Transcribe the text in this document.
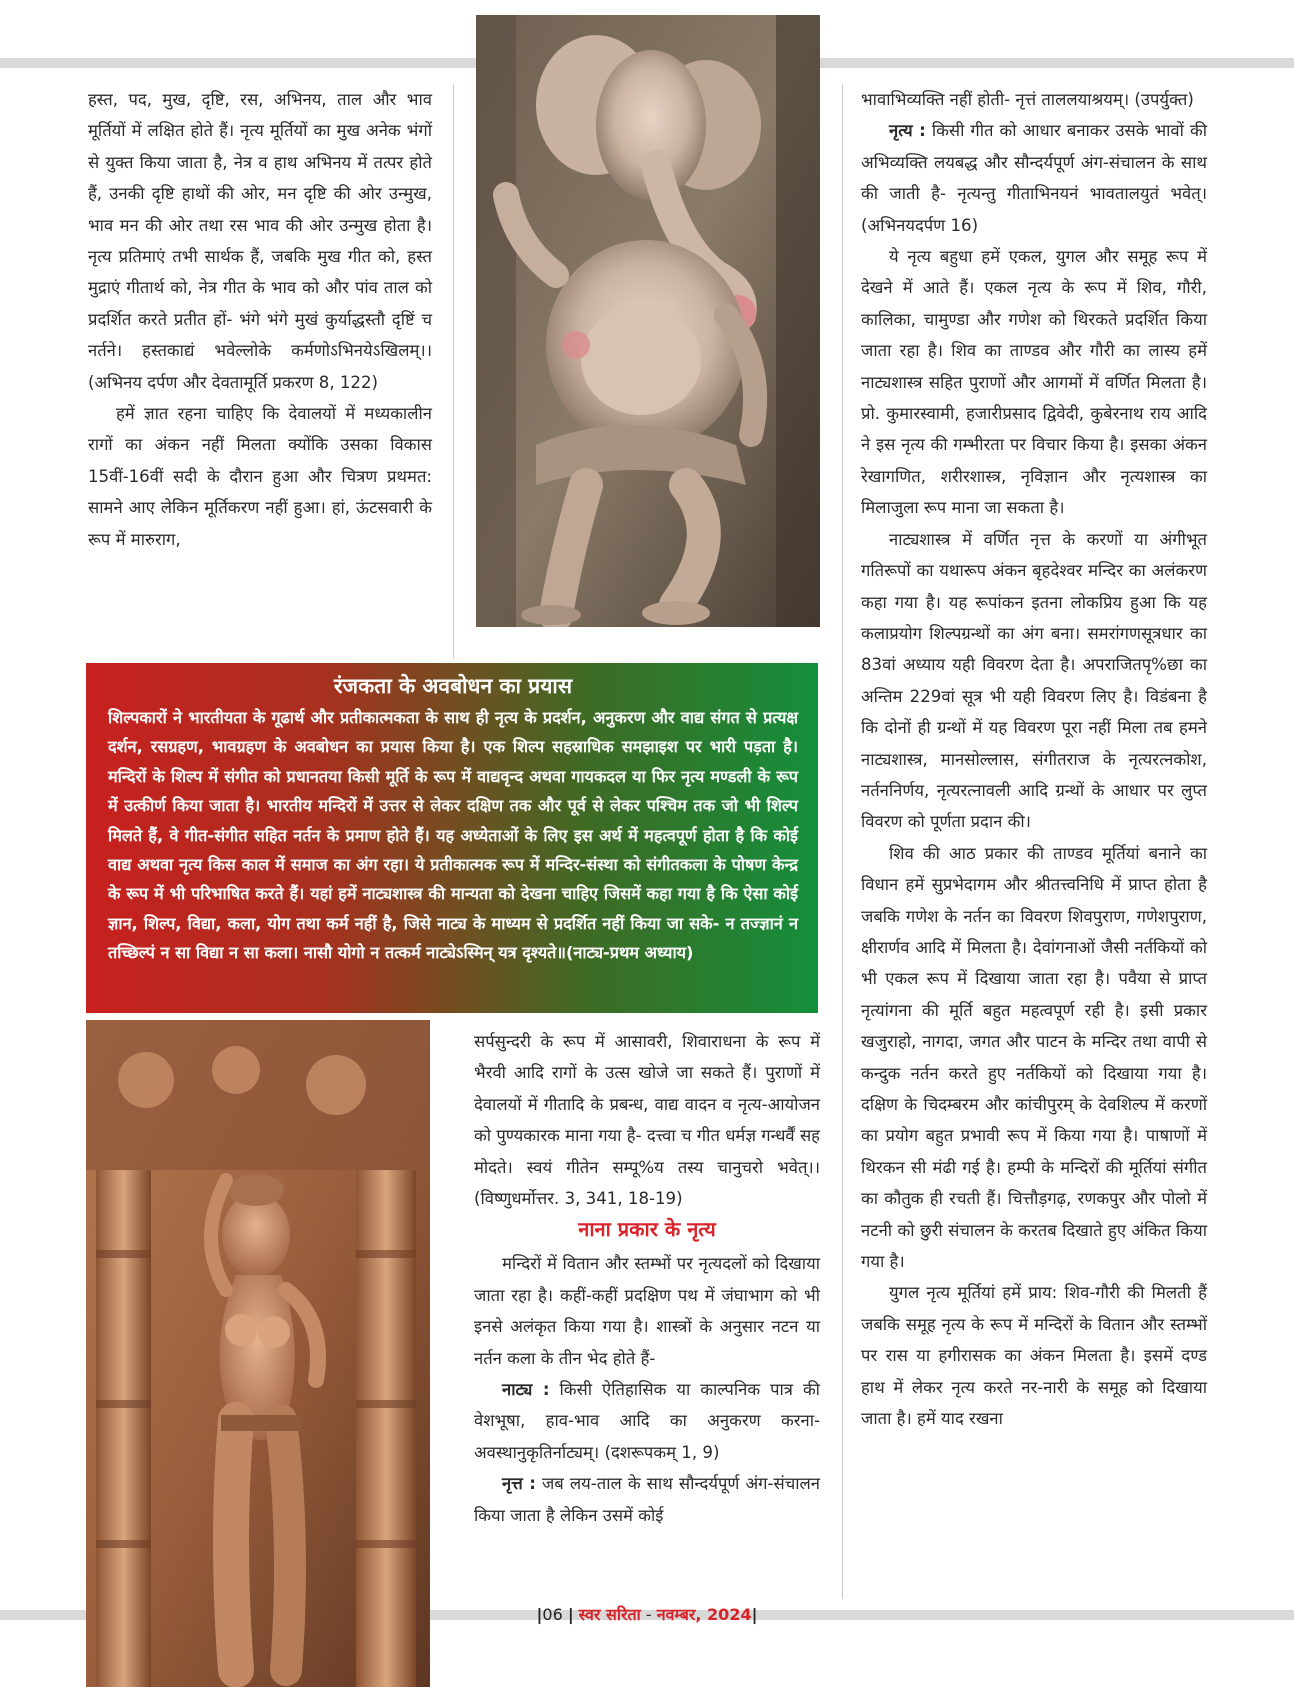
हस्त, पद, मुख, दृष्टि, रस, अभिनय, ताल और भाव मूर्तियों में लक्षित होते हैं। नृत्य मूर्तियों का मुख अनेक भंगों से युक्त किया जाता है, नेत्र व हाथ अभिनय में तत्पर होते हैं, उनकी दृष्टि हाथों की ओर, मन दृष्टि की ओर उन्मुख, भाव मन की ओर तथा रस भाव की ओर उन्मुख होता है। नृत्य प्रतिमाएं तभी सार्थक हैं, जबकि मुख गीत को, हस्त मुद्राएं गीतार्थ को, नेत्र गीत के भाव को और पांव ताल को प्रदर्शित करते प्रतीत हों- भंगे भंगे मुखं कुर्याद्धस्तौ दृष्टिं च नर्तने। हस्तकाद्यं भवेल्लोके कर्मणोऽभिनयेऽखिलम्।। (अभिनय दर्पण और देवतामूर्ति प्रकरण 8, 122)

हमें ज्ञात रहना चाहिए कि देवालयों में मध्यकालीन रागों का अंकन नहीं मिलता क्योंकि उसका विकास 15वीं-16वीं सदी के दौरान हुआ और चित्रण प्रथमत: सामने आए लेकिन मूर्तिकरण नहीं हुआ। हां, ऊंटसवारी के रूप में मारुराग,

रंजकता के अवबोधन का प्रयास

शिल्पकारों ने भारतीयता के गूढार्थ और प्रतीकात्मकता के साथ ही नृत्य के प्रदर्शन, अनुकरण और वाद्य संगत से प्रत्यक्ष दर्शन, रसग्रहण, भावग्रहण के अवबोधन का प्रयास किया है। एक शिल्प सहस्राधिक समझाइश पर भारी पड़ता है। मन्दिरों के शिल्प में संगीत को प्रधानतया किसी मूर्ति के रूप में वाद्यवृन्द अथवा गायकदल या फिर नृत्य मण्डली के रूप में उत्कीर्ण किया जाता है। भारतीय मन्दिरों में उत्तर से लेकर दक्षिण तक और पूर्व से लेकर पश्चिम तक जो भी शिल्प मिलते हैं, वे गीत-संगीत सहित नर्तन के प्रमाण होते हैं। यह अध्येताओं के लिए इस अर्थ में महत्वपूर्ण होता है कि कोई वाद्य अथवा नृत्य किस काल में समाज का अंग रहा। ये प्रतीकात्मक रूप में मन्दिर-संस्था को संगीतकला के पोषण केन्द्र के रूप में भी परिभाषित करते हैं। यहां हमें नाट्यशास्त्र की मान्यता को देखना चाहिए जिसमें कहा गया है कि ऐसा कोई ज्ञान, शिल्प, विद्या, कला, योग तथा कर्म नहीं है, जिसे नाट्य के माध्यम से प्रदर्शित नहीं किया जा सके- न तज्ज्ञानं न तच्छिल्पं न सा विद्या न सा कला। नासौ योगो न तत्कर्म नाट्येऽस्मिन् यत्र दृश्यते॥(नाट्य-प्रथम अध्याय)

सर्पसुन्दरी के रूप में आसावरी, शिवाराधना के रूप में भैरवी आदि रागों के उत्स खोजे जा सकते हैं। पुराणों में देवालयों में गीतादि के प्रबन्ध, वाद्य वादन व नृत्य-आयोजन को पुण्यकारक माना गया है- दत्त्वा च गीत धर्मज्ञ गन्धर्वैं सह मोदते। स्वयं गीतेन सम्पू%य तस्य चानुचरो भवेत्।। (विष्णुधर्मोत्तर. 3, 341, 18-19)

नाना प्रकार के नृत्य

मन्दिरों में वितान और स्तम्भों पर नृत्यदलों को दिखाया जाता रहा है। कहीं-कहीं प्रदक्षिण पथ में जंघाभाग को भी इनसे अलंकृत किया गया है। शास्त्रों के अनुसार नटन या नर्तन कला के तीन भेद होते हैं-

नाट्य : किसी ऐतिहासिक या काल्पनिक पात्र की वेशभूषा, हाव-भाव आदि का अनुकरण करना- अवस्थानुकृतिर्नाट्यम्। (दशरूपकम् 1, 9)

नृत्त : जब लय-ताल के साथ सौन्दर्यपूर्ण अंग-संचालन किया जाता है लेकिन उसमें कोई

भावाभिव्यक्ति नहीं होती- नृत्तं ताललयाश्रयम्। (उपर्युक्त)

नृत्य : किसी गीत को आधार बनाकर उसके भावों की अभिव्यक्ति लयबद्ध और सौन्दर्यपूर्ण अंग-संचालन के साथ की जाती है- नृत्यन्तु गीताभिनयनं भावतालयुतं भवेत्। (अभिनयदर्पण 16)

ये नृत्य बहुधा हमें एकल, युगल और समूह रूप में देखने में आते हैं। एकल नृत्य के रूप में शिव, गौरी, कालिका, चामुण्डा और गणेश को थिरकते प्रदर्शित किया जाता रहा है। शिव का ताण्डव और गौरी का लास्य हमें नाट्यशास्त्र सहित पुराणों और आगमों में वर्णित मिलता है। प्रो. कुमारस्वामी, हजारीप्रसाद द्विवेदी, कुबेरनाथ राय आदि ने इस नृत्य की गम्भीरता पर विचार किया है। इसका अंकन रेखागणित, शरीरशास्त्र, नृविज्ञान और नृत्यशास्त्र का मिलाजुला रूप माना जा सकता है।

नाट्यशास्त्र में वर्णित नृत्त के करणों या अंगीभूत गतिरूपों का यथारूप अंकन बृहदेश्वर मन्दिर का अलंकरण कहा गया है। यह रूपांकन इतना लोकप्रिय हुआ कि यह कलाप्रयोग शिल्पग्रन्थों का अंग बना। समरांगणसूत्रधार का 83वां अध्याय यही विवरण देता है। अपराजितपृ%छा का अन्तिम 229वां सूत्र भी यही विवरण लिए है। विडंबना है कि दोनों ही ग्रन्थों में यह विवरण पूरा नहीं मिला तब हमने नाट्यशास्त्र, मानसोल्लास, संगीतराज के नृत्यरत्नकोश, नर्तननिर्णय, नृत्यरत्नावली आदि ग्रन्थों के आधार पर लुप्त विवरण को पूर्णता प्रदान की।

शिव की आठ प्रकार की ताण्डव मूर्तियां बनाने का विधान हमें सुप्रभेदागम और श्रीतत्त्वनिधि में प्राप्त होता है जबकि गणेश के नर्तन का विवरण शिवपुराण, गणेशपुराण, क्षीरार्णव आदि में मिलता है। देवांगनाओं जैसी नर्तकियों को भी एकल रूप में दिखाया जाता रहा है। पवैया से प्राप्त नृत्यांगना की मूर्ति बहुत महत्वपूर्ण रही है। इसी प्रकार खजुराहो, नागदा, जगत और पाटन के मन्दिर तथा वापी से कन्दुक नर्तन करते हुए नर्तकियों को दिखाया गया है। दक्षिण के चिदम्बरम और कांचीपुरम् के देवशिल्प में करणों का प्रयोग बहुत प्रभावी रूप में किया गया है। पाषाणों में थिरकन सी मंढी गई है। हम्पी के मन्दिरों की मूर्तियां संगीत का कौतुक ही रचती हैं। चित्तौड़गढ़, रणकपुर और पोलो में नटनी को छुरी संचालन के करतब दिखाते हुए अंकित किया गया है।

युगल नृत्य मूर्तियां हमें प्राय: शिव-गौरी की मिलती हैं जबकि समूह नृत्य के रूप में मन्दिरों के वितान और स्तम्भों पर रास या हगीरासक का अंकन मिलता है। इसमें दण्ड हाथ में लेकर नृत्य करते नर-नारी के समूह को दिखाया जाता है। हमें याद रखना

|06 | स्वर सरिता - नवम्बर, 2024|
